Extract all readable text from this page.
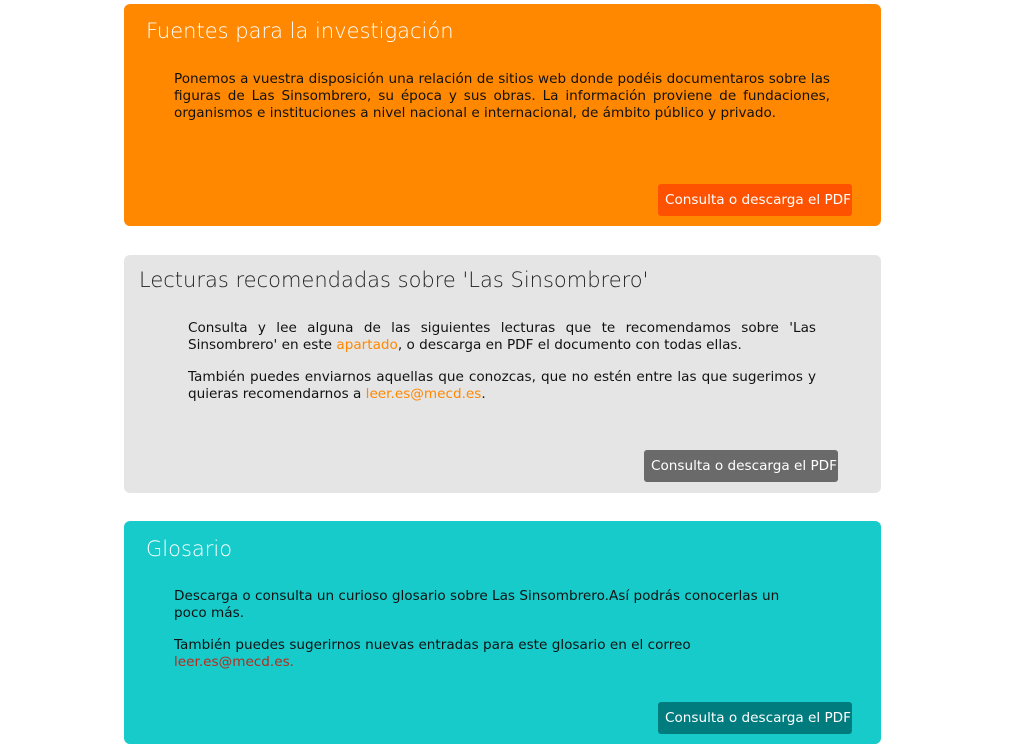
Fuentes para la investigación

Ponemos a vuestra disposición una relación de sitios web donde podéis documentaros sobre las figuras de Las Sinsombrero, su época y sus obras. La información proviene de fundaciones, organismos e instituciones a nivel nacional e internacional, de ámbito público y privado.

Consulta o descarga el PDF
Lecturas recomendadas sobre 'Las Sinsombrero'

Consulta y lee alguna de las siguientes lecturas que te recomendamos sobre 'Las Sinsombrero' en este apartado, o descarga en PDF el documento con todas ellas.

También puedes enviarnos aquellas que conozcas, que no estén entre las que sugerimos y quieras recomendarnos a leer.es@mecd.es.

Consulta o descarga el PDF
Glosario

Descarga o consulta un curioso glosario sobre Las Sinsombrero.Así podrás conocerlas un poco más.

También puedes sugerirnos nuevas entradas para este glosario en el correo leer.es@mecd.es.

Consulta o descarga el PDF
